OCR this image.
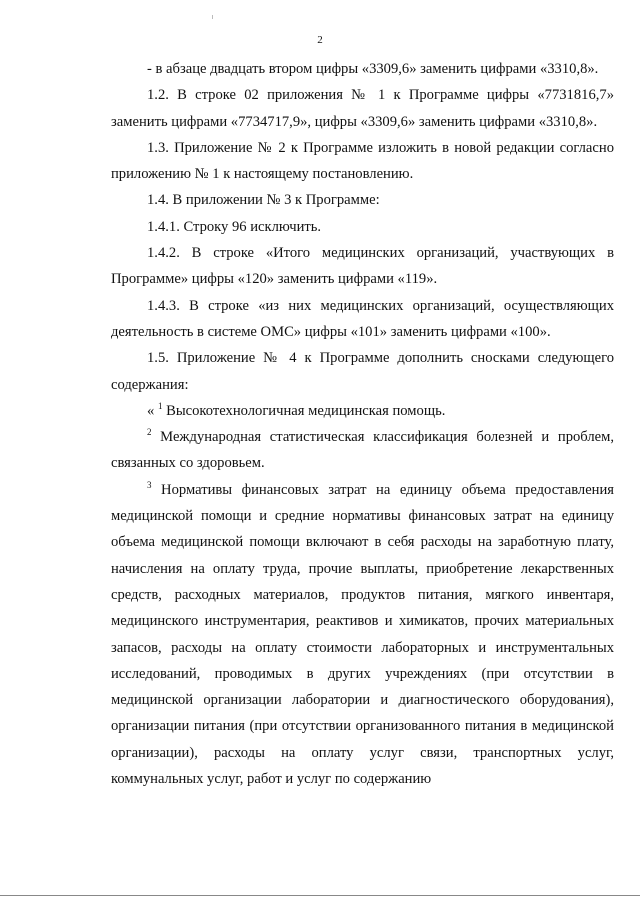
2

- в абзаце двадцать втором цифры «3309,6» заменить цифрами «3310,8».

1.2. В строке 02 приложения № 1 к Программе цифры «7731816,7» заменить цифрами «7734717,9», цифры «3309,6» заменить цифрами «3310,8».

1.3. Приложение № 2 к Программе изложить в новой редакции согласно приложению № 1 к настоящему постановлению.

1.4. В приложении № 3 к Программе:

1.4.1. Строку 96 исключить.

1.4.2. В строке «Итого медицинских организаций, участвующих в Программе» цифры «120» заменить цифрами «119».

1.4.3. В строке «из них медицинских организаций, осуществляющих деятельность в системе ОМС» цифры «101» заменить цифрами «100».

1.5. Приложение № 4 к Программе дополнить сносками следующего содержания:

« $^1$ Высокотехнологичная медицинская помощь.

$^2$ Международная статистическая классификация болезней и проблем, связанных со здоровьем.

$^3$ Нормативы финансовых затрат на единицу объема предоставления медицинской помощи и средние нормативы финансовых затрат на единицу объема медицинской помощи включают в себя расходы на заработную плату, начисления на оплату труда, прочие выплаты, приобретение лекарственных средств, расходных материалов, продуктов питания, мягкого инвентаря, медицинского инструментария, реактивов и химикатов, прочих материальных запасов, расходы на оплату стоимости лабораторных и инструментальных исследований, проводимых в других учреждениях (при отсутствии в медицинской организации лаборатории и диагностического оборудования), организации питания (при отсутствии организованного питания в медицинской организации), расходы на оплату услуг связи, транспортных услуг, коммунальных услуг, работ и услуг по содержанию
